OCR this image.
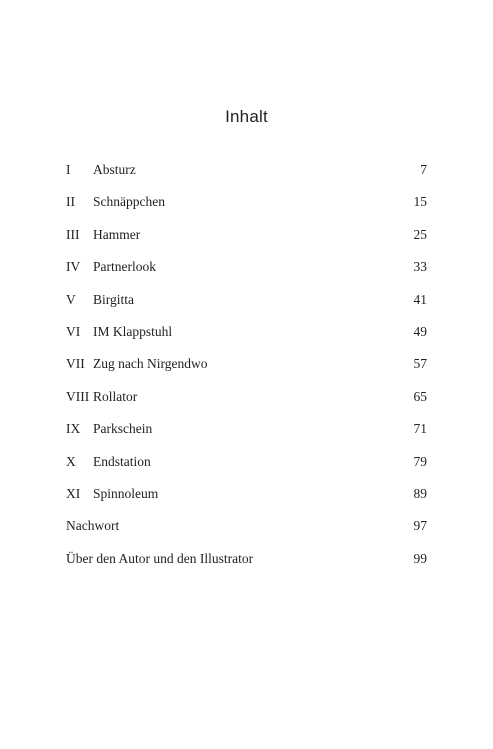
Inhalt
I Absturz	7
II Schnäppchen	15
III Hammer	25
IV Partnerlook	33
V Birgitta	41
VI IM Klappstuhl	49
VII Zug nach Nirgendwo	57
VIII Rollator	65
IX Parkschein	71
X Endstation	79
XI Spinnoleum	89
Nachwort	97
Über den Autor und den Illustrator	99
